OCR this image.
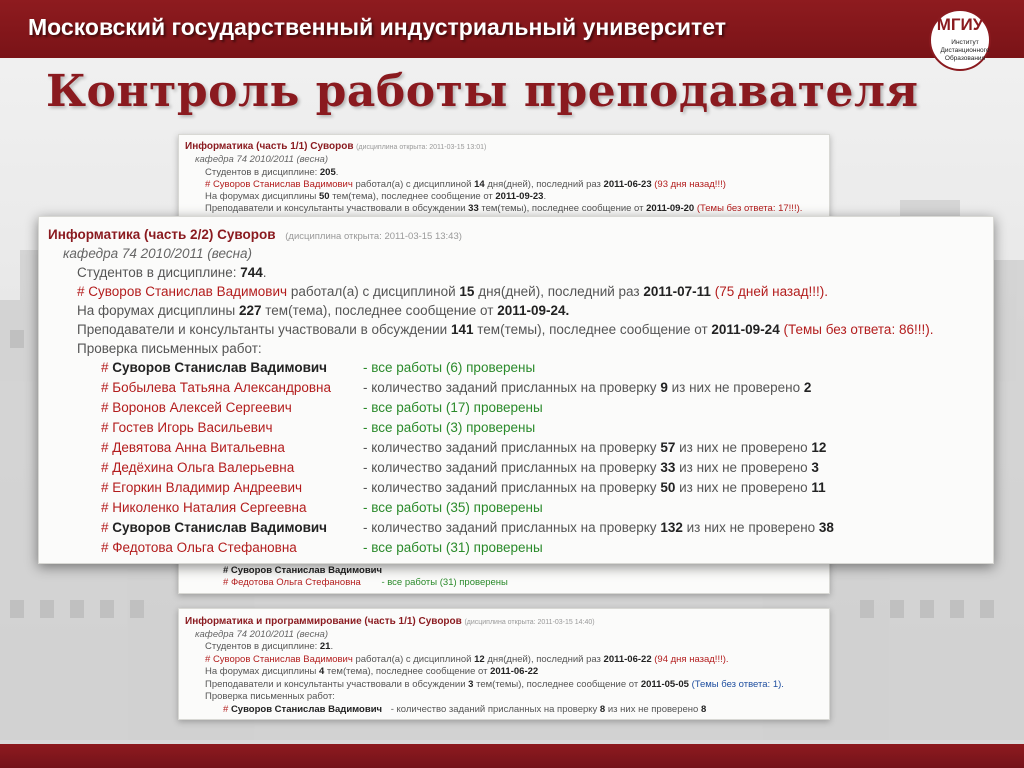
Московский государственный индустриальный университет	МГИУ
Институт
Дистанционного
Образования
Контроль работы преподавателя
Информатика (часть 1/1) Суворов (дисциплина открыта: 2011-03-15 13:01)
кафедра 74 2010/2011 (весна)
Студентов в дисциплине: 205.
# Суворов Станислав Вадимович работал(а) с дисциплиной 14 дня(дней), последний раз 2011-06-23 (93 дня назад!!!)
На форумах дисциплины 50 тем(тема), последнее сообщение от 2011-09-23.
Преподаватели и консультанты участвовали в обсуждении 33 тем(темы), последнее сообщение от 2011-09-20 (Темы без ответа: 17!!!).
# Суворов Станислав Вадимович
# Федотова Ольга Стефановна - все работы (31) проверены
Информатика и программирование (часть 1/1) Суворов (дисциплина открыта: 2011-03-15 14:40)
кафедра 74 2010/2011 (весна)
Студентов в дисциплине: 21.
# Суворов Станислав Вадимович работал(а) с дисциплиной 12 дня(дней), последний раз 2011-06-22 (94 дня назад!!!).
На форумах дисциплины 4 тем(тема), последнее сообщение от 2011-06-22
Преподаватели и консультанты участвовали в обсуждении 3 тем(темы), последнее сообщение от 2011-05-05 (Темы без ответа: 1).
Проверка письменных работ:
# Суворов Станислав Вадимович - количество заданий присланных на проверку 8 из них не проверено 8
Информатика (часть 2/2) Суворов (дисциплина открыта: 2011-03-15 13:43)
кафедра 74 2010/2011 (весна)
Студентов в дисциплине: 744.
# Суворов Станислав Вадимович работал(а) с дисциплиной 15 дня(дней), последний раз 2011-07-11 (75 дней назад!!!).
На форумах дисциплины 227 тем(тема), последнее сообщение от 2011-09-24.
Преподаватели и консультанты участвовали в обсуждении 141 тем(темы), последнее сообщение от 2011-09-24 (Темы без ответа: 86!!!).
Проверка письменных работ:
# Суворов Станислав Вадимович	- все работы (6) проверены
# Бобылева Татьяна Александровна - количество заданий присланных на проверку 9 из них не проверено 2
# Воронов Алексей Сергеевич	- все работы (17) проверены
# Гостев Игорь Васильевич	- все работы (3) проверены
# Девятова Анна Витальевна	- количество заданий присланных на проверку 57 из них не проверено 12
# Дедёхина Ольга Валерьевна	- количество заданий присланных на проверку 33 из них не проверено 3
# Егоркин Владимир Андреевич	- количество заданий присланных на проверку 50 из них не проверено 11
# Николенко Наталия Сергеевна	- все работы (35) проверены
# Суворов Станислав Вадимович	- количество заданий присланных на проверку 132 из них не проверено 38
# Федотова Ольга Стефановна	- все работы (31) проверены
